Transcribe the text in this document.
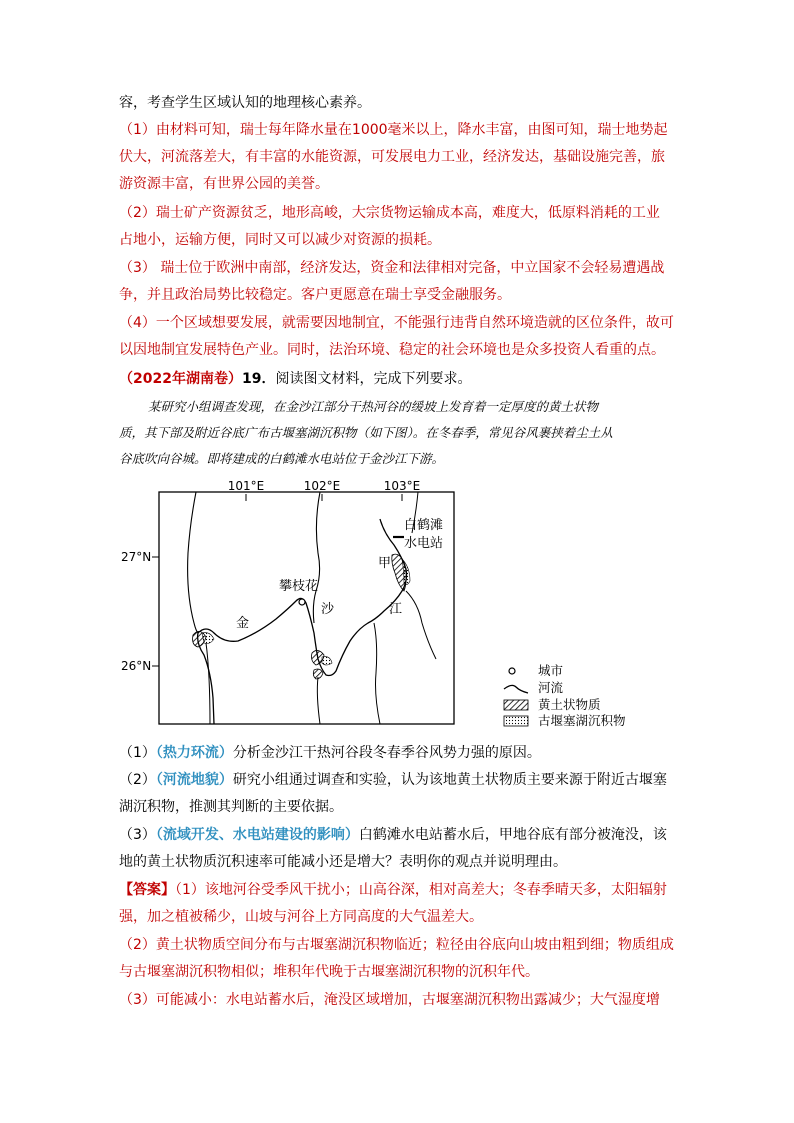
容，考查学生区域认知的地理核心素养。
（1）由材料可知，瑞士每年降水量在1000毫米以上，降水丰富，由图可知，瑞士地势起
伏大，河流落差大，有丰富的水能资源，可发展电力工业，经济发达，基础设施完善，旅
游资源丰富，有世界公园的美誉。
（2）瑞士矿产资源贫乏，地形高峻，大宗货物运输成本高，难度大，低原料消耗的工业
占地小，运输方便，同时又可以减少对资源的损耗。
（3） 瑞士位于欧洲中南部，经济发达，资金和法律相对完备，中立国家不会轻易遭遇战
争，并且政治局势比较稳定。客户更愿意在瑞士享受金融服务。
（4）一个区域想要发展，就需要因地制宜，不能强行违背自然环境造就的区位条件，故可
以因地制宜发展特色产业。同时，法治环境、稳定的社会环境也是众多投资人看重的点。
（2022年湖南卷）19．阅读图文材料，完成下列要求。
某研究小组调查发现，在金沙江部分干热河谷的缓坡上发育着一定厚度的黄土状物
质，其下部及附近谷底广布古堰塞湖沉积物（如下图）。在冬春季，常见谷风裹挟着尘土从
谷底吹向谷城。即将建成的白鹤滩水电站位于金沙江下游。
101°E	102°E	103°E
27°N
26°N
白鹤滩
水电站
甲
攀枝花
金
沙	江
城市
河流
黄土状物质
古堰塞湖沉积物
（1）（热力环流）分析金沙江干热河谷段冬春季谷风势力强的原因。
（2）（河流地貌）研究小组通过调查和实验，认为该地黄土状物质主要来源于附近古堰塞
湖沉积物，推测其判断的主要依据。
（3）（流域开发、水电站建设的影响）白鹤滩水电站蓄水后，甲地谷底有部分被淹没，该
地的黄土状物质沉积速率可能减小还是增大？表明你的观点并说明理由。
【答案】（1）该地河谷受季风干扰小；山高谷深，相对高差大；冬春季晴天多，太阳辐射
强，加之植被稀少，山坡与河谷上方同高度的大气温差大。
（2）黄土状物质空间分布与古堰塞湖沉积物临近；粒径由谷底向山坡由粗到细；物质组成
与古堰塞湖沉积物相似；堆积年代晚于古堰塞湖沉积物的沉积年代。
（3）可能减小：水电站蓄水后，淹没区域增加，古堰塞湖沉积物出露减少；大气湿度增
